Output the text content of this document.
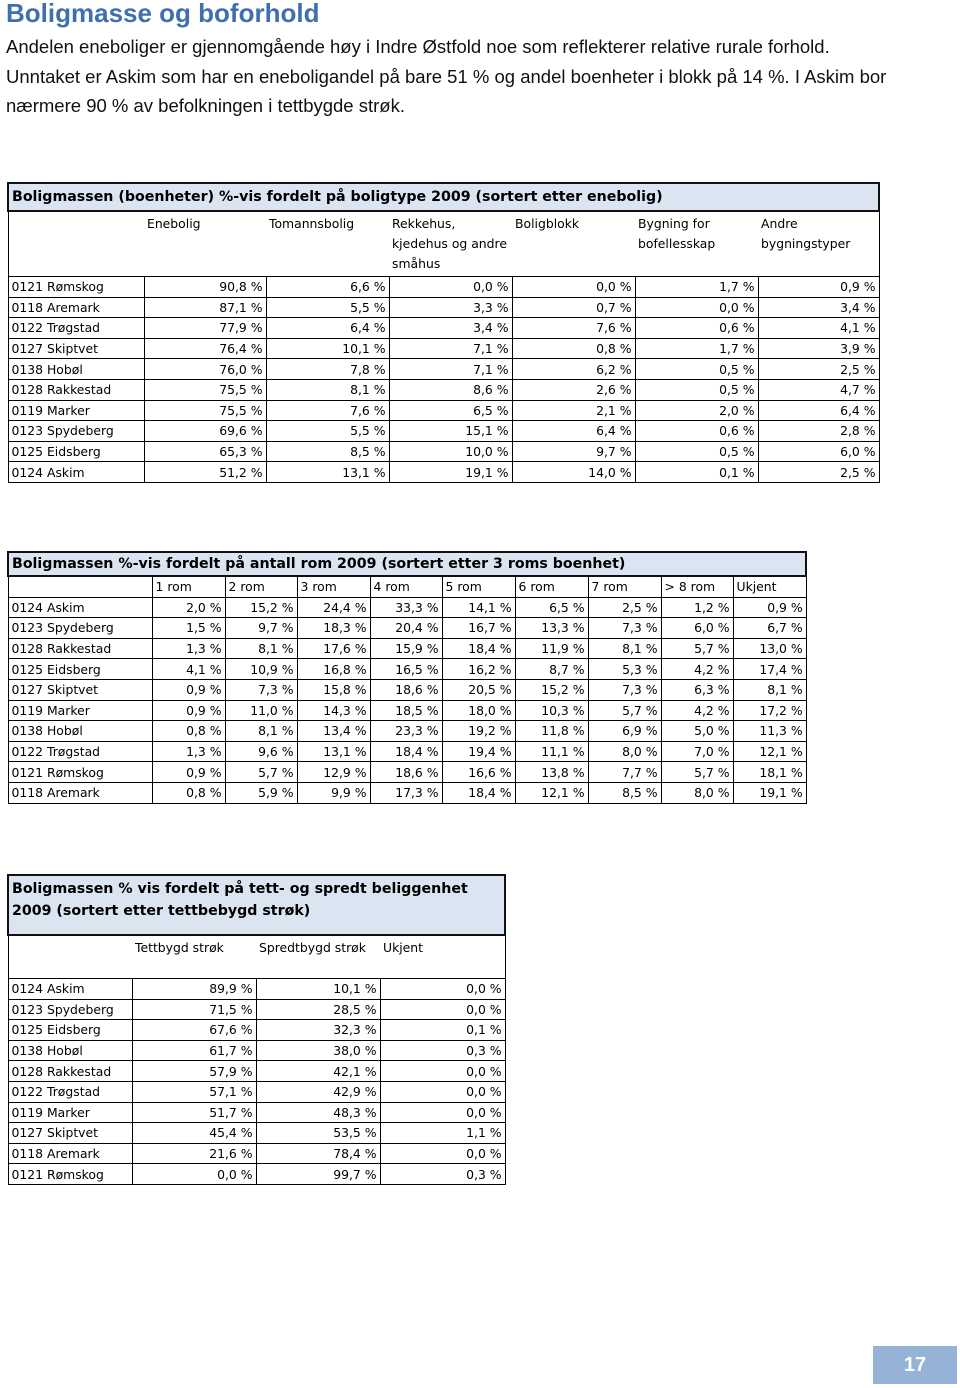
Boligmasse og boforhold

Andelen eneboliger er gjennomgående høy i Indre Østfold noe som reflekterer relative rurale forhold. Unntaket er Askim som har en eneboligandel på bare 51 % og andel boenheter i blokk på 14 %. I Askim bor nærmere 90 % av befolkningen i tettbygde strøk.

Boligmassen (boenheter) %-vis fordelt på boligtype 2009 (sortert etter enebolig)						
	Enebolig	Tomannsbolig	Rekkehus, kjedehus og andre småhus	Boligblokk	Bygning for bofellesskap	Andre bygningstyper
0121 Rømskog	90,8 %	6,6 %	0,0 %	0,0 %	1,7 %	0,9 %
0118 Aremark	87,1 %	5,5 %	3,3 %	0,7 %	0,0 %	3,4 %
0122 Trøgstad	77,9 %	6,4 %	3,4 %	7,6 %	0,6 %	4,1 %
0127 Skiptvet	76,4 %	10,1 %	7,1 %	0,8 %	1,7 %	3,9 %
0138 Hobøl	76,0 %	7,8 %	7,1 %	6,2 %	0,5 %	2,5 %
0128 Rakkestad	75,5 %	8,1 %	8,6 %	2,6 %	0,5 %	4,7 %
0119 Marker	75,5 %	7,6 %	6,5 %	2,1 %	2,0 %	6,4 %
0123 Spydeberg	69,6 %	5,5 %	15,1 %	6,4 %	0,6 %	2,8 %
0125 Eidsberg	65,3 %	8,5 %	10,0 %	9,7 %	0,5 %	6,0 %
0124 Askim	51,2 %	13,1 %	19,1 %	14,0 %	0,1 %	2,5 %
Boligmassen %-vis fordelt på antall rom 2009 (sortert etter 3 roms boenhet)									
	1 rom	2 rom	3 rom	4 rom	5 rom	6 rom	7 rom	> 8 rom	Ukjent
0124 Askim	2,0 %	15,2 %	24,4 %	33,3 %	14,1 %	6,5 %	2,5 %	1,2 %	0,9 %
0123 Spydeberg	1,5 %	9,7 %	18,3 %	20,4 %	16,7 %	13,3 %	7,3 %	6,0 %	6,7 %
0128 Rakkestad	1,3 %	8,1 %	17,6 %	15,9 %	18,4 %	11,9 %	8,1 %	5,7 %	13,0 %
0125 Eidsberg	4,1 %	10,9 %	16,8 %	16,5 %	16,2 %	8,7 %	5,3 %	4,2 %	17,4 %
0127 Skiptvet	0,9 %	7,3 %	15,8 %	18,6 %	20,5 %	15,2 %	7,3 %	6,3 %	8,1 %
0119 Marker	0,9 %	11,0 %	14,3 %	18,5 %	18,0 %	10,3 %	5,7 %	4,2 %	17,2 %
0138 Hobøl	0,8 %	8,1 %	13,4 %	23,3 %	19,2 %	11,8 %	6,9 %	5,0 %	11,3 %
0122 Trøgstad	1,3 %	9,6 %	13,1 %	18,4 %	19,4 %	11,1 %	8,0 %	7,0 %	12,1 %
0121 Rømskog	0,9 %	5,7 %	12,9 %	18,6 %	16,6 %	13,8 %	7,7 %	5,7 %	18,1 %
0118 Aremark	0,8 %	5,9 %	9,9 %	17,3 %	18,4 %	12,1 %	8,5 %	8,0 %	19,1 %
Boligmassen % vis fordelt på tett- og spredt beliggenhet 2009 (sortert etter tettbebygd strøk)			
	Tettbygd strøk	Spredtbygd strøk	Ukjent
0124 Askim	89,9 %	10,1 %	0,0 %
0123 Spydeberg	71,5 %	28,5 %	0,0 %
0125 Eidsberg	67,6 %	32,3 %	0,1 %
0138 Hobøl	61,7 %	38,0 %	0,3 %
0128 Rakkestad	57,9 %	42,1 %	0,0 %
0122 Trøgstad	57,1 %	42,9 %	0,0 %
0119 Marker	51,7 %	48,3 %	0,0 %
0127 Skiptvet	45,4 %	53,5 %	1,1 %
0118 Aremark	21,6 %	78,4 %	0,0 %
0121 Rømskog	0,0 %	99,7 %	0,3 %
17
